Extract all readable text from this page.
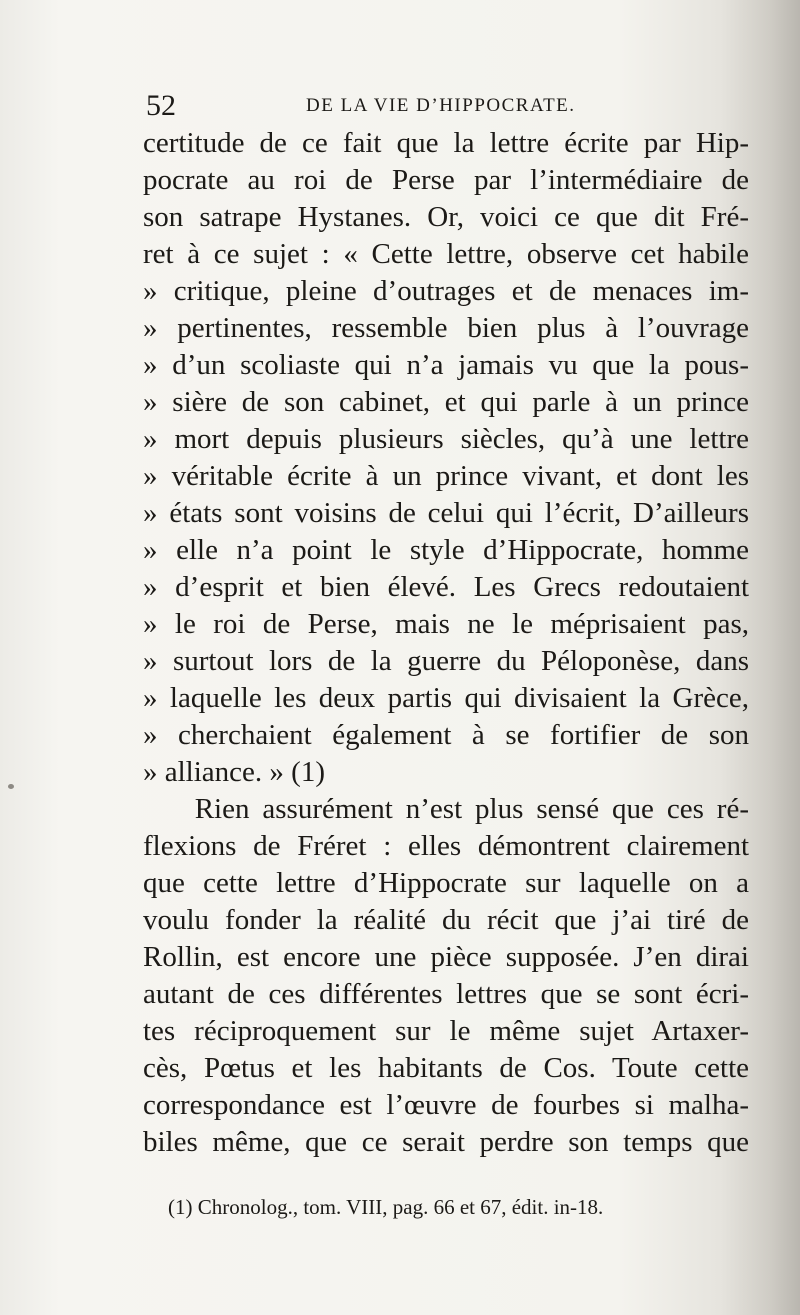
52	DE LA VIE D’HIPPOCRATE.
certitude de ce fait que la lettre écrite par Hip-
pocrate au roi de Perse par l’intermédiaire de
son satrape Hystanes. Or, voici ce que dit Fré-
ret à ce sujet : « Cette lettre, observe cet habile
» critique, pleine d’outrages et de menaces im-
» pertinentes, ressemble bien plus à l’ouvrage
» d’un scoliaste qui n’a jamais vu que la pous-
» sière de son cabinet, et qui parle à un prince
» mort depuis plusieurs siècles, qu’à une lettre
» véritable écrite à un prince vivant, et dont les
» états sont voisins de celui qui l’écrit, D’ailleurs
» elle n’a point le style d’Hippocrate, homme
» d’esprit et bien élevé. Les Grecs redoutaient
» le roi de Perse, mais ne le méprisaient pas,
» surtout lors de la guerre du Péloponèse, dans
» laquelle les deux partis qui divisaient la Grèce,
» cherchaient également à se fortifier de son
» alliance. » (1)
Rien assurément n’est plus sensé que ces ré-
flexions de Fréret : elles démontrent clairement
que cette lettre d’Hippocrate sur laquelle on a
voulu fonder la réalité du récit que j’ai tiré de
Rollin, est encore une pièce supposée. J’en dirai
autant de ces différentes lettres que se sont écri-
tes réciproquement sur le même sujet Artaxer-
cès, Pœtus et les habitants de Cos. Toute cette
correspondance est l’œuvre de fourbes si malha-
biles même, que ce serait perdre son temps que
(1) Chronolog., tom. VIII, pag. 66 et 67, édit. in-18.
